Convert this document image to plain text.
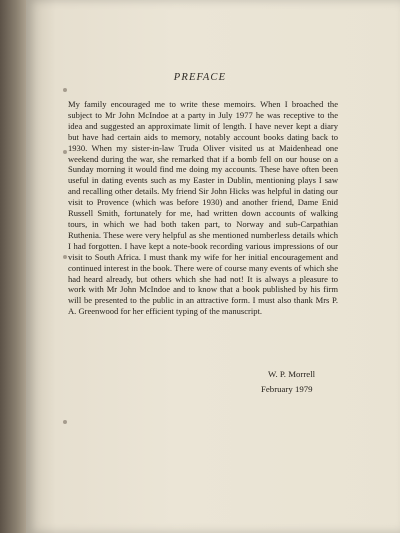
PREFACE
My family encouraged me to write these memoirs. When I broached the subject to Mr John McIndoe at a party in July 1977 he was receptive to the idea and suggested an approximate limit of length. I have never kept a diary but have had certain aids to memory, notably account books dating back to 1930. When my sister-in-law Truda Oliver visited us at Maidenhead one weekend during the war, she remarked that if a bomb fell on our house on a Sunday morning it would find me doing my accounts. These have often been useful in dating events such as my Easter in Dublin, mentioning plays I saw and recalling other details. My friend Sir John Hicks was helpful in dating our visit to Provence (which was before 1930) and another friend, Dame Enid Russell Smith, fortunately for me, had written down accounts of walking tours, in which we had both taken part, to Norway and sub-Carpathian Ruthenia. These were very helpful as she mentioned numberless details which I had forgotten. I have kept a note-book recording various impressions of our visit to South Africa. I must thank my wife for her initial encouragement and continued interest in the book. There were of course many events of which she had heard already, but others which she had not! It is always a pleasure to work with Mr John McIndoe and to know that a book published by his firm will be presented to the public in an attractive form. I must also thank Mrs P. A. Greenwood for her efficient typing of the manuscript.
W. P. Morrell
February 1979
